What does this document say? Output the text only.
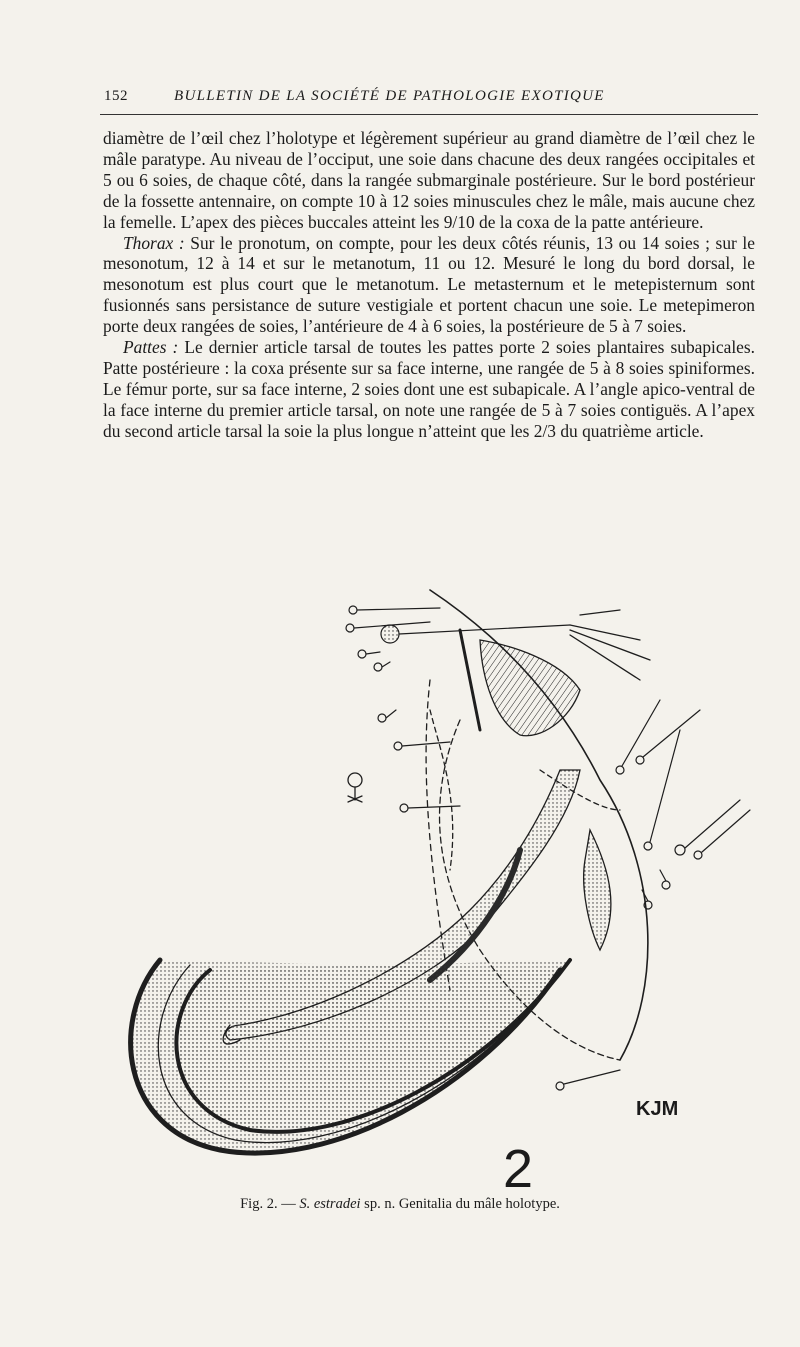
152	BULLETIN DE LA SOCIÉTÉ DE PATHOLOGIE EXOTIQUE

diamètre de l’œil chez l’holotype et légèrement supérieur au grand diamètre de l’œil chez le mâle paratype. Au niveau de l’occiput, une soie dans chacune des deux rangées occipitales et 5 ou 6 soies, de chaque côté, dans la rangée submarginale postérieure. Sur le bord postérieur de la fossette antennaire, on compte 10 à 12 soies minuscules chez le mâle, mais aucune chez la femelle. L’apex des pièces buccales atteint les 9/10 de la coxa de la patte antérieure.

Thorax : Sur le pronotum, on compte, pour les deux côtés réunis, 13 ou 14 soies ; sur le mesonotum, 12 à 14 et sur le metanotum, 11 ou 12. Mesuré le long du bord dorsal, le mesonotum est plus court que le metanotum. Le metasternum et le metepisternum sont fusionnés sans persistance de suture vestigiale et portent chacun une soie. Le metepimeron porte deux rangées de soies, l’antérieure de 4 à 6 soies, la postérieure de 5 à 7 soies.

Pattes : Le dernier article tarsal de toutes les pattes porte 2 soies plantaires subapicales. Patte postérieure : la coxa présente sur sa face interne, une rangée de 5 à 8 soies spiniformes. Le fémur porte, sur sa face interne, 2 soies dont une est subapicale. A l’angle apico-ventral de la face interne du premier article tarsal, on note une rangée de 5 à 7 soies contiguës. A l’apex du second article tarsal la soie la plus longue n’atteint que les 2/3 du quatrième article.

KJM
2
Fig. 2. — S. estradei sp. n. Genitalia du mâle holotype.
